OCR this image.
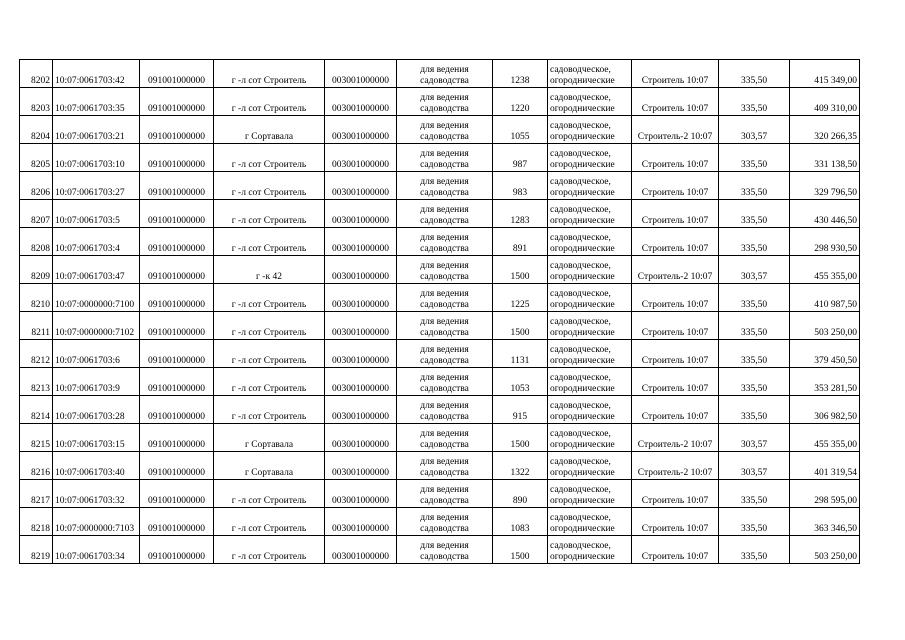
8202	10:07:0061703:42	091001000000	г -л сот Строитель	003001000000	для ведения
садоводства	1238	садоводческое,
огороднические	Строитель 10:07	335,50	415 349,00
8203	10:07:0061703:35	091001000000	г -л сот Строитель	003001000000	для ведения
садоводства	1220	садоводческое,
огороднические	Строитель 10:07	335,50	409 310,00
8204	10:07:0061703:21	091001000000	г Сортавала	003001000000	для ведения
садоводства	1055	садоводческое,
огороднические	Строитель-2 10:07	303,57	320 266,35
8205	10:07:0061703:10	091001000000	г -л сот Строитель	003001000000	для ведения
садоводства	987	садоводческое,
огороднические	Строитель 10:07	335,50	331 138,50
8206	10:07:0061703:27	091001000000	г -л сот Строитель	003001000000	для ведения
садоводства	983	садоводческое,
огороднические	Строитель 10:07	335,50	329 796,50
8207	10:07:0061703:5	091001000000	г -л сот Строитель	003001000000	для ведения
садоводства	1283	садоводческое,
огороднические	Строитель 10:07	335,50	430 446,50
8208	10:07:0061703:4	091001000000	г -л сот Строитель	003001000000	для ведения
садоводства	891	садоводческое,
огороднические	Строитель 10:07	335,50	298 930,50
8209	10:07:0061703:47	091001000000	г -к 42	003001000000	для ведения
садоводства	1500	садоводческое,
огороднические	Строитель-2 10:07	303,57	455 355,00
8210	10:07:0000000:7100	091001000000	г -л сот Строитель	003001000000	для ведения
садоводства	1225	садоводческое,
огороднические	Строитель 10:07	335,50	410 987,50
8211	10:07:0000000:7102	091001000000	г -л сот Строитель	003001000000	для ведения
садоводства	1500	садоводческое,
огороднические	Строитель 10:07	335,50	503 250,00
8212	10:07:0061703:6	091001000000	г -л сот Строитель	003001000000	для ведения
садоводства	1131	садоводческое,
огороднические	Строитель 10:07	335,50	379 450,50
8213	10:07:0061703:9	091001000000	г -л сот Строитель	003001000000	для ведения
садоводства	1053	садоводческое,
огороднические	Строитель 10:07	335,50	353 281,50
8214	10:07:0061703:28	091001000000	г -л сот Строитель	003001000000	для ведения
садоводства	915	садоводческое,
огороднические	Строитель 10:07	335,50	306 982,50
8215	10:07:0061703:15	091001000000	г Сортавала	003001000000	для ведения
садоводства	1500	садоводческое,
огороднические	Строитель-2 10:07	303,57	455 355,00
8216	10:07:0061703:40	091001000000	г Сортавала	003001000000	для ведения
садоводства	1322	садоводческое,
огороднические	Строитель-2 10:07	303,57	401 319,54
8217	10:07:0061703:32	091001000000	г -л сот Строитель	003001000000	для ведения
садоводства	890	садоводческое,
огороднические	Строитель 10:07	335,50	298 595,00
8218	10:07:0000000:7103	091001000000	г -л сот Строитель	003001000000	для ведения
садоводства	1083	садоводческое,
огороднические	Строитель 10:07	335,50	363 346,50
8219	10:07:0061703:34	091001000000	г -л сот Строитель	003001000000	для ведения
садоводства	1500	садоводческое,
огороднические	Строитель 10:07	335,50	503 250,00
